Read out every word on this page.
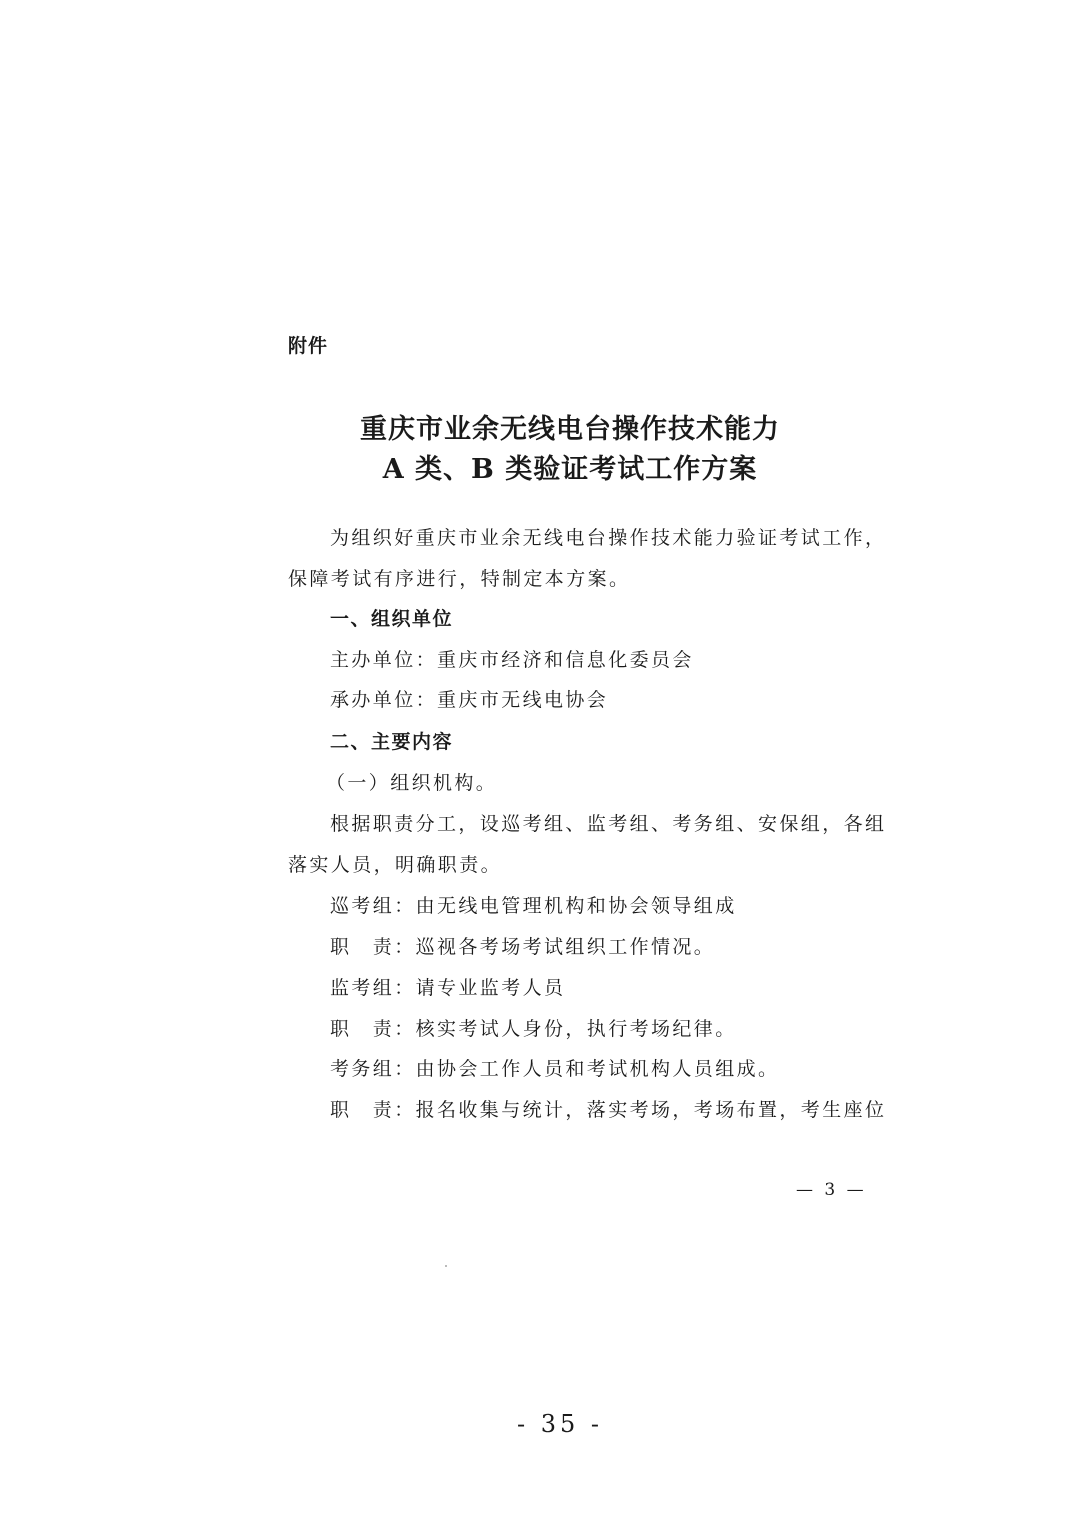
附件
重庆市业余无线电台操作技术能力
A 类、B 类验证考试工作方案
为组织好重庆市业余无线电台操作技术能力验证考试工作，
保障考试有序进行，特制定本方案。
一、组织单位
主办单位：重庆市经济和信息化委员会
承办单位：重庆市无线电协会
二、主要内容
（一）组织机构。
根据职责分工，设巡考组、监考组、考务组、安保组，各组
落实人员，明确职责。
巡考组：由无线电管理机构和协会领导组成
职　责：巡视各考场考试组织工作情况。
监考组：请专业监考人员
职　责：核实考试人身份，执行考场纪律。
考务组：由协会工作人员和考试机构人员组成。
职　责：报名收集与统计，落实考场，考场布置，考生座位
— 3 —
- 35 -
